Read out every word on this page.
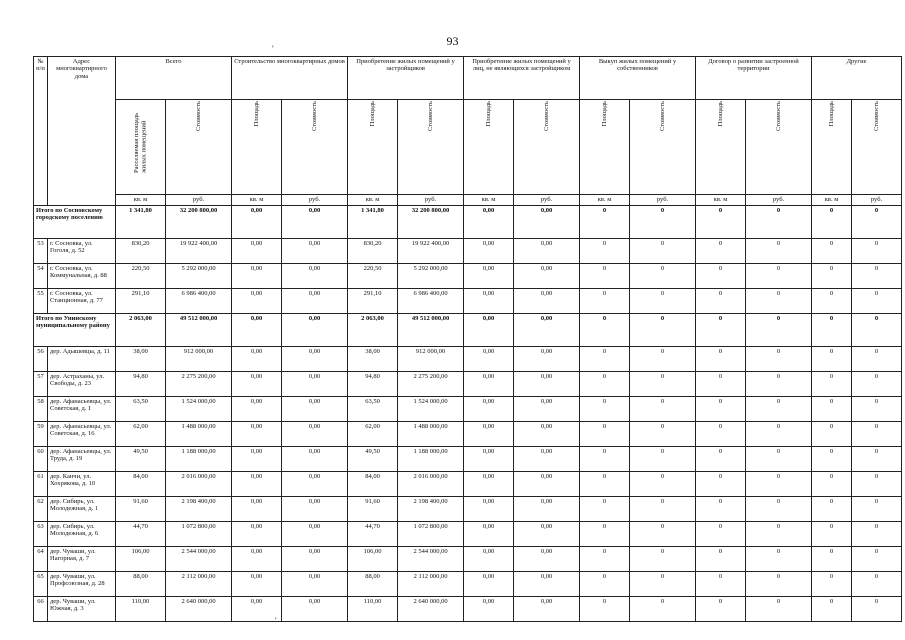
93
'
'
№ п/п	Адрес многоквартирного дома	Всего		Строительство многоквартирных домов		Приобретение жилых помещений у застройщиков		Приобретение жилых помещений у лиц, не являющихся застройщиком		Выкуп жилых помещений у собственников		Договор о развитии застроенной территории		Другие	
		Расселяемая площадь жилых помещений	Стоимость	Площадь	Стоимость	Площадь	Стоимость	Площадь	Стоимость	Площадь	Стоимость	Площадь	Стоимость	Площадь	Стоимость
		кв. м	руб.	кв. м	руб.	кв. м	руб.	кв. м	руб.	кв. м	руб.	кв. м	руб.	кв. м	руб.
Итого по Сосновскому городскому поселению		1 341,80	32 200 800,00	0,00	0,00	1 341,80	32 200 800,00	0,00	0,00	0	0	0	0	0	0
53	г. Сосновка, ул. Гоголя, д. 52	830,20	19 922 400,00	0,00	0,00	830,20	19 922 400,00	0,00	0,00	0	0	0	0	0	0
54	г. Сосновка, ул. Коммунальная, д. 88	220,50	5 292 000,00	0,00	0,00	220,50	5 292 000,00	0,00	0,00	0	0	0	0	0	0
55	г. Сосновка, ул. Станционная, д. 77	291,10	6 986 400,00	0,00	0,00	291,10	6 986 400,00	0,00	0,00	0	0	0	0	0	0
Итого по Унинскому муниципальному району		2 063,00	49 512 000,00	0,00	0,00	2 063,00	49 512 000,00	0,00	0,00	0	0	0	0	0	0
56	дер. Адышевцы, д. 11	38,00	912 000,00	0,00	0,00	38,00	912 000,00	0,00	0,00	0	0	0	0	0	0
57	дер. Астраханы, ул. Свободы, д. 23	94,80	2 275 200,00	0,00	0,00	94,80	2 275 200,00	0,00	0,00	0	0	0	0	0	0
58	дер. Афанасьевцы, ул. Советская, д. 1	63,50	1 524 000,00	0,00	0,00	63,50	1 524 000,00	0,00	0,00	0	0	0	0	0	0
59	дер. Афанасьевцы, ул. Советская, д. 16	62,00	1 488 000,00	0,00	0,00	62,00	1 488 000,00	0,00	0,00	0	0	0	0	0	0
60	дер. Афанасьевцы, ул. Труда, д. 19	49,50	1 188 000,00	0,00	0,00	49,50	1 188 000,00	0,00	0,00	0	0	0	0	0	0
61	дер. Канчи, ул. Хохрякова, д. 10	84,00	2 016 000,00	0,00	0,00	84,00	2 016 000,00	0,00	0,00	0	0	0	0	0	0
62	дер. Сибирь, ул. Молодежная, д. 1	91,60	2 198 400,00	0,00	0,00	91,60	2 198 400,00	0,00	0,00	0	0	0	0	0	0
63	дер. Сибирь, ул. Молодежная, д. 6	44,70	1 072 800,00	0,00	0,00	44,70	1 072 800,00	0,00	0,00	0	0	0	0	0	0
64	дер. Чуваши, ул. Нагорная, д. 7	106,00	2 544 000,00	0,00	0,00	106,00	2 544 000,00	0,00	0,00	0	0	0	0	0	0
65	дер. Чуваши, ул. Профсоюзная, д. 28	88,00	2 112 000,00	0,00	0,00	88,00	2 112 000,00	0,00	0,00	0	0	0	0	0	0
66	дер. Чуваши, ул. Южная, д. 3	110,00	2 640 000,00	0,00	0,00	110,00	2 640 000,00	0,00	0,00	0	0	0	0	0	0
